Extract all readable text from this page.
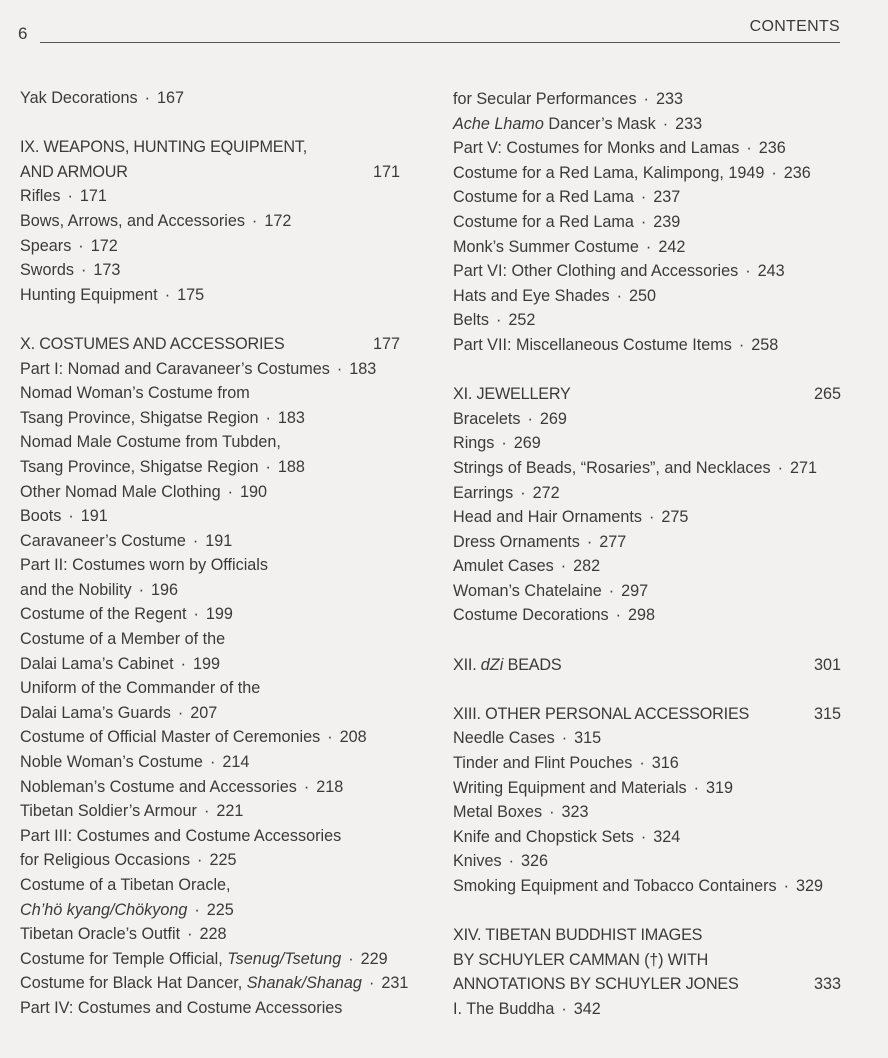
6	CONTENTS
Yak Decorations · 167
IX. WEAPONS, HUNTING EQUIPMENT,
AND ARMOUR	171
Rifles · 171
Bows, Arrows, and Accessories · 172
Spears · 172
Swords · 173
Hunting Equipment · 175
X. COSTUMES AND ACCESSORIES	177
Part I: Nomad and Caravaneer’s Costumes · 183
Nomad Woman’s Costume from
Tsang Province, Shigatse Region · 183
Nomad Male Costume from Tubden,
Tsang Province, Shigatse Region · 188
Other Nomad Male Clothing · 190
Boots · 191
Caravaneer’s Costume · 191
Part II: Costumes worn by Officials
and the Nobility · 196
Costume of the Regent · 199
Costume of a Member of the
Dalai Lama’s Cabinet · 199
Uniform of the Commander of the
Dalai Lama’s Guards · 207
Costume of Official Master of Ceremonies · 208
Noble Woman’s Costume · 214
Nobleman’s Costume and Accessories · 218
Tibetan Soldier’s Armour · 221
Part III: Costumes and Costume Accessories
for Religious Occasions · 225
Costume of a Tibetan Oracle,
Ch’hö kyang/Chökyong · 225
Tibetan Oracle’s Outfit · 228
Costume for Temple Official, Tsenug/Tsetung · 229
Costume for Black Hat Dancer, Shanak/Shanag · 231
Part IV: Costumes and Costume Accessories
for Secular Performances · 233
Ache Lhamo Dancer’s Mask · 233
Part V: Costumes for Monks and Lamas · 236
Costume for a Red Lama, Kalimpong, 1949 · 236
Costume for a Red Lama · 237
Costume for a Red Lama · 239
Monk’s Summer Costume · 242
Part VI: Other Clothing and Accessories · 243
Hats and Eye Shades · 250
Belts · 252
Part VII: Miscellaneous Costume Items · 258
XI. JEWELLERY	265
Bracelets · 269
Rings · 269
Strings of Beads, “Rosaries”, and Necklaces · 271
Earrings · 272
Head and Hair Ornaments · 275
Dress Ornaments · 277
Amulet Cases · 282
Woman’s Chatelaine · 297
Costume Decorations · 298
XII. dZi BEADS	301
XIII. OTHER PERSONAL ACCESSORIES	315
Needle Cases · 315
Tinder and Flint Pouches · 316
Writing Equipment and Materials · 319
Metal Boxes · 323
Knife and Chopstick Sets · 324
Knives · 326
Smoking Equipment and Tobacco Containers · 329
XIV. TIBETAN BUDDHIST IMAGES
BY SCHUYLER CAMMAN (†) WITH
ANNOTATIONS BY SCHUYLER JONES	333
I. The Buddha · 342
